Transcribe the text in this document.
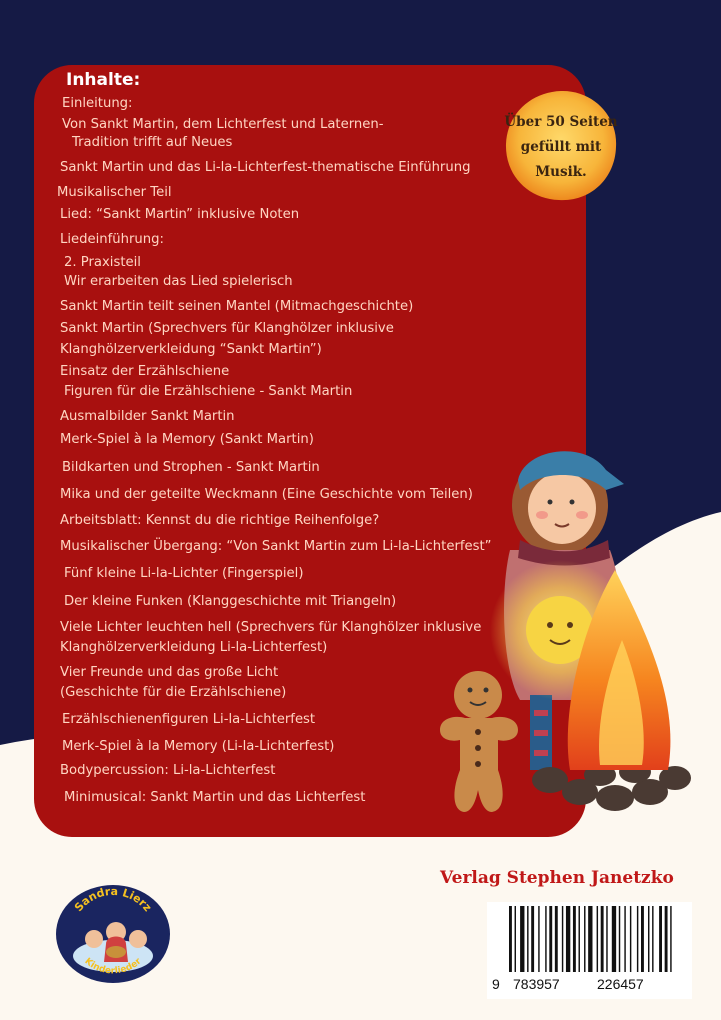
Inhalte:
Einleitung:
Von Sankt Martin, dem Lichterfest und Laternen-
Tradition trifft auf Neues
Sankt Martin und das Li-la-Lichterfest-thematische Einführung
Musikalischer Teil
Lied: “Sankt Martin” inklusive Noten
Liedeinführung:
2. Praxisteil
Wir erarbeiten das Lied spielerisch
Sankt Martin teilt seinen Mantel (Mitmachgeschichte)
Sankt Martin (Sprechvers für Klanghölzer inklusive
Klanghölzerverkleidung “Sankt Martin”)
Einsatz der Erzählschiene
Figuren für die Erzählschiene - Sankt Martin
Ausmalbilder Sankt Martin
Merk-Spiel à la Memory (Sankt Martin)
Bildkarten und Strophen - Sankt Martin
Mika und der geteilte Weckmann (Eine Geschichte vom Teilen)
Arbeitsblatt: Kennst du die richtige Reihenfolge?
Musikalischer Übergang: “Von Sankt Martin zum Li-la-Lichterfest”
Fünf kleine Li-la-Lichter (Fingerspiel)
Der kleine Funken (Klanggeschichte mit Triangeln)
Viele Lichter leuchten hell (Sprechvers für Klanghölzer inklusive
Klanghölzerverkleidung Li-la-Lichterfest)
Vier Freunde und das große Licht
(Geschichte für die Erzählschiene)
Erzählschienenfiguren Li-la-Lichterfest
Merk-Spiel à la Memory (Li-la-Lichterfest)
Bodypercussion: Li-la-Lichterfest
Minimusical: Sankt Martin und das Lichterfest
Über 50 Seiten
gefüllt mit
Musik.
Verlag Stephen Janetzko
Sandra Lierz
Kinderlieder
9 783957	226457
